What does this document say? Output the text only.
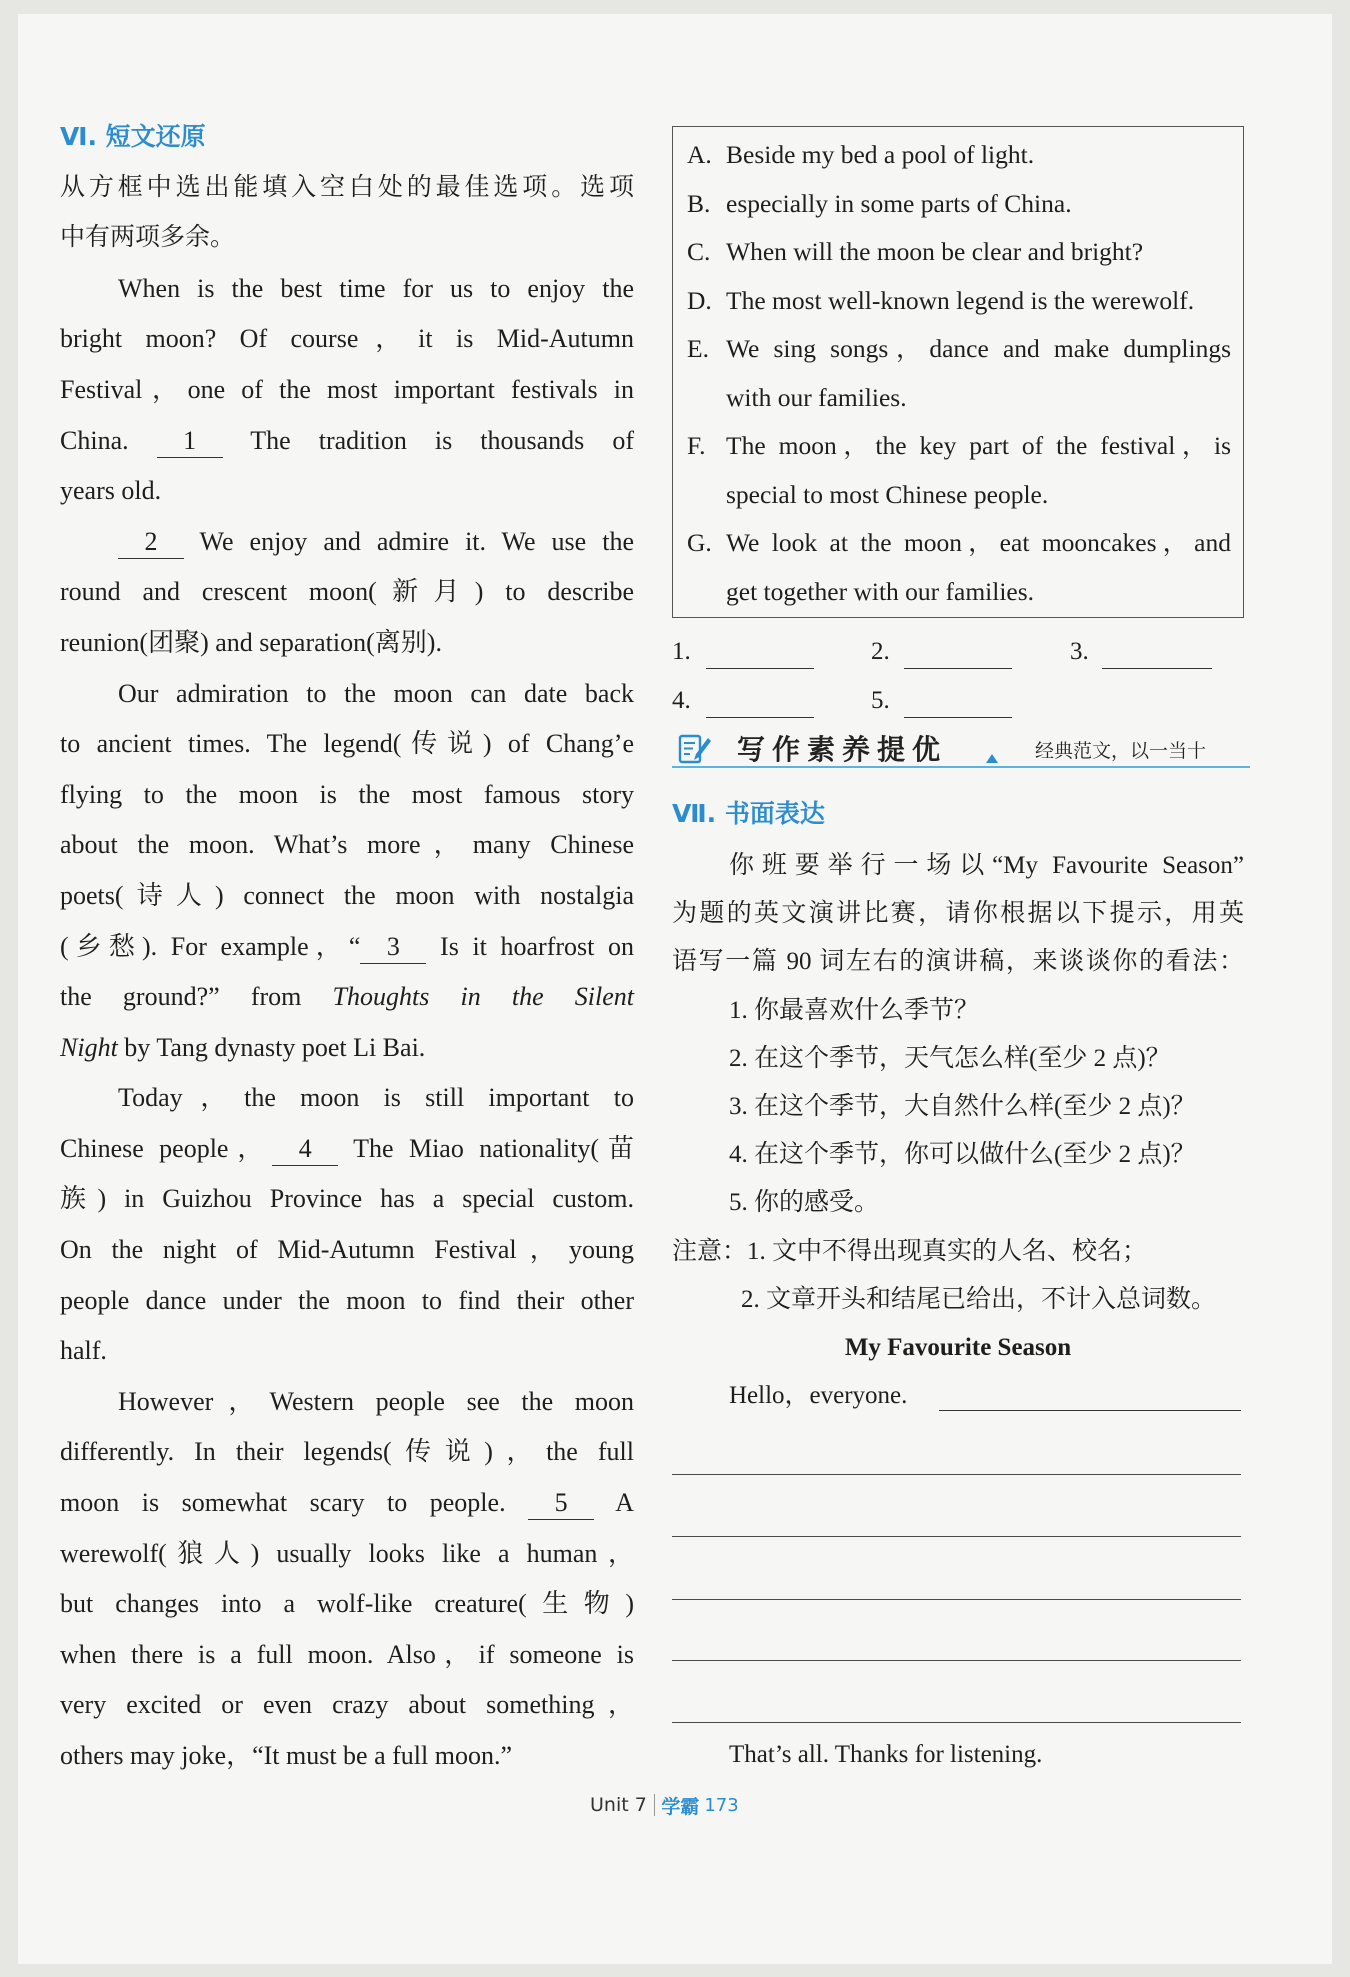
Ⅵ. 短文还原
从方框中选出能填入空白处的最佳选项。选项
中有两项多余。
When is the best time for us to enjoy the
bright moon? Of course，it is Mid-Autumn
Festival，one of the most important festivals in
China. 1 The tradition is thousands of
years old.
2 We enjoy and admire it. We use the
round and crescent moon(新月) to describe
reunion(团聚) and separation(离别).
Our admiration to the moon can date back
to ancient times. The legend(传说) of Chang’e
flying to the moon is the most famous story
about the moon. What’s more，many Chinese
poets(诗人) connect the moon with nostalgia
(乡愁). For example，“ 3 Is it hoarfrost on
the ground?” from Thoughts in the Silent
Night by Tang dynasty poet Li Bai.
Today，the moon is still important to
Chinese people， 4 The Miao nationality(苗
族) in Guizhou Province has a special custom.
On the night of Mid-Autumn Festival，young
people dance under the moon to find their other
half.
However，Western people see the moon
differently. In their legends(传说)，the full
moon is somewhat scary to people. 5 A
werewolf(狼人) usually looks like a human，
but changes into a wolf-like creature(生物)
when there is a full moon. Also，if someone is
very excited or even crazy about something，
others may joke，“It must be a full moon.”
A. Beside my bed a pool of light.
B. especially in some parts of China.
C. When will the moon be clear and bright?
D. The most well-known legend is the werewolf.
E. We sing songs，dance and make dumplings
with our families.
F. The moon，the key part of the festival，is
special to most Chinese people.
G. We look at the moon，eat mooncakes，and
get together with our families.
1.	2.	3.
4.	5.
写作素养提优	经典范文，以一当十
Ⅶ. 书面表达
你班要举行一场以“My Favourite Season”
为题的英文演讲比赛，请你根据以下提示，用英
语写一篇 90 词左右的演讲稿，来谈谈你的看法：
1. 你最喜欢什么季节？
2. 在这个季节，天气怎么样(至少 2 点)？
3. 在这个季节，大自然什么样(至少 2 点)？
4. 在这个季节，你可以做什么(至少 2 点)？
5. 你的感受。
注意：1. 文中不得出现真实的人名、校名；
2. 文章开头和结尾已给出，不计入总词数。
My Favourite Season
Hello，everyone.
That’s all. Thanks for listening.
Unit 7 学霸 173
